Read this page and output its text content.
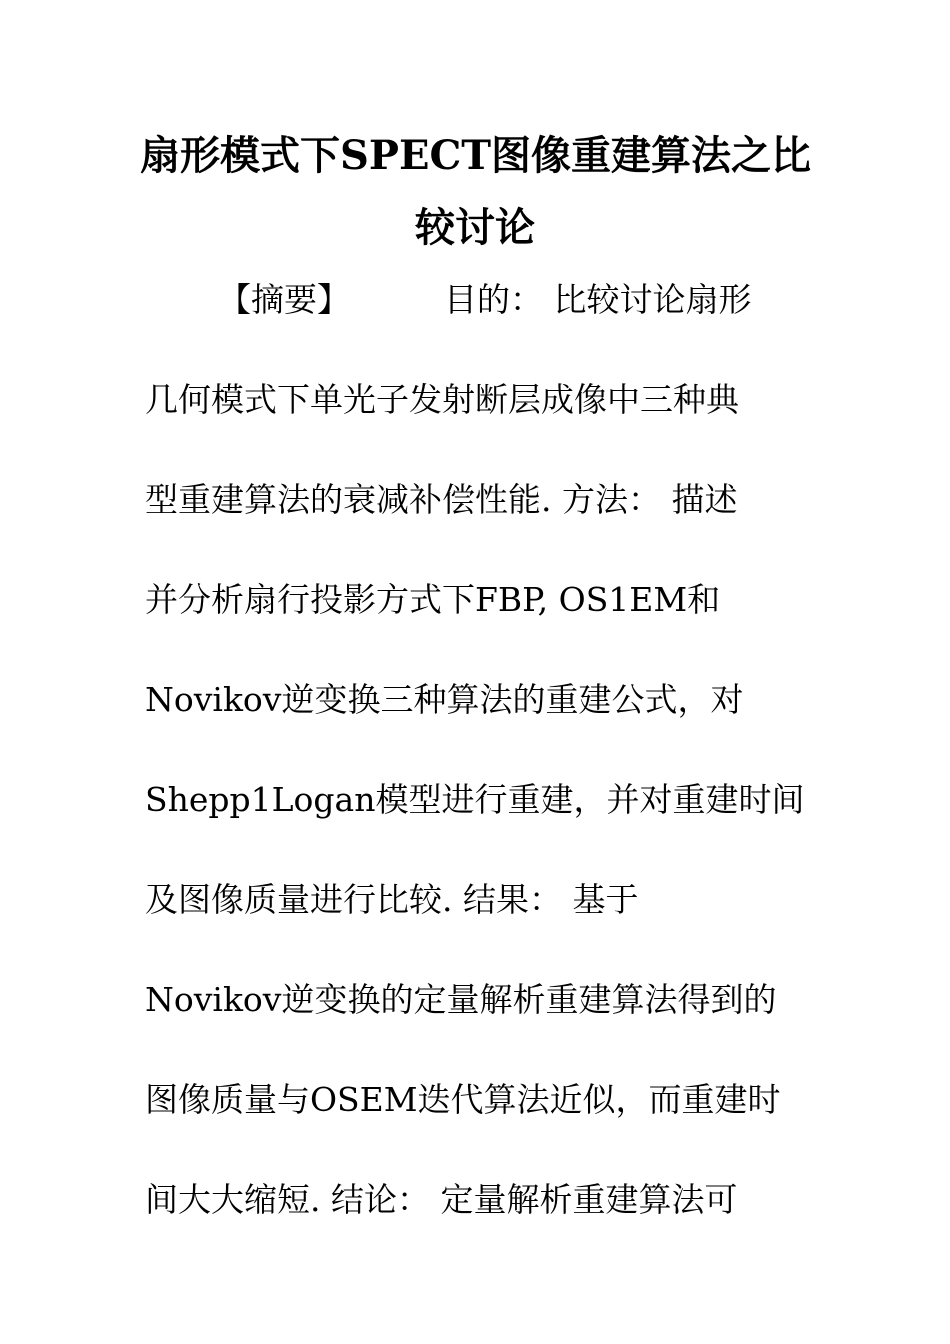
扇形模式下SPECT图像重建算法之比
较讨论
【摘要】	目的： 比较讨论扇形
几何模式下单光子发射断层成像中三种典
型重建算法的衰减补偿性能. 方法： 描述
并分析扇行投影方式下FBP, OS1EM和
Novikov逆变换三种算法的重建公式，对
Shepp1Logan模型进行重建，并对重建时间
及图像质量进行比较. 结果： 基于
Novikov逆变换的定量解析重建算法得到的
图像质量与OSEM迭代算法近似，而重建时
间大大缩短. 结论： 定量解析重建算法可
